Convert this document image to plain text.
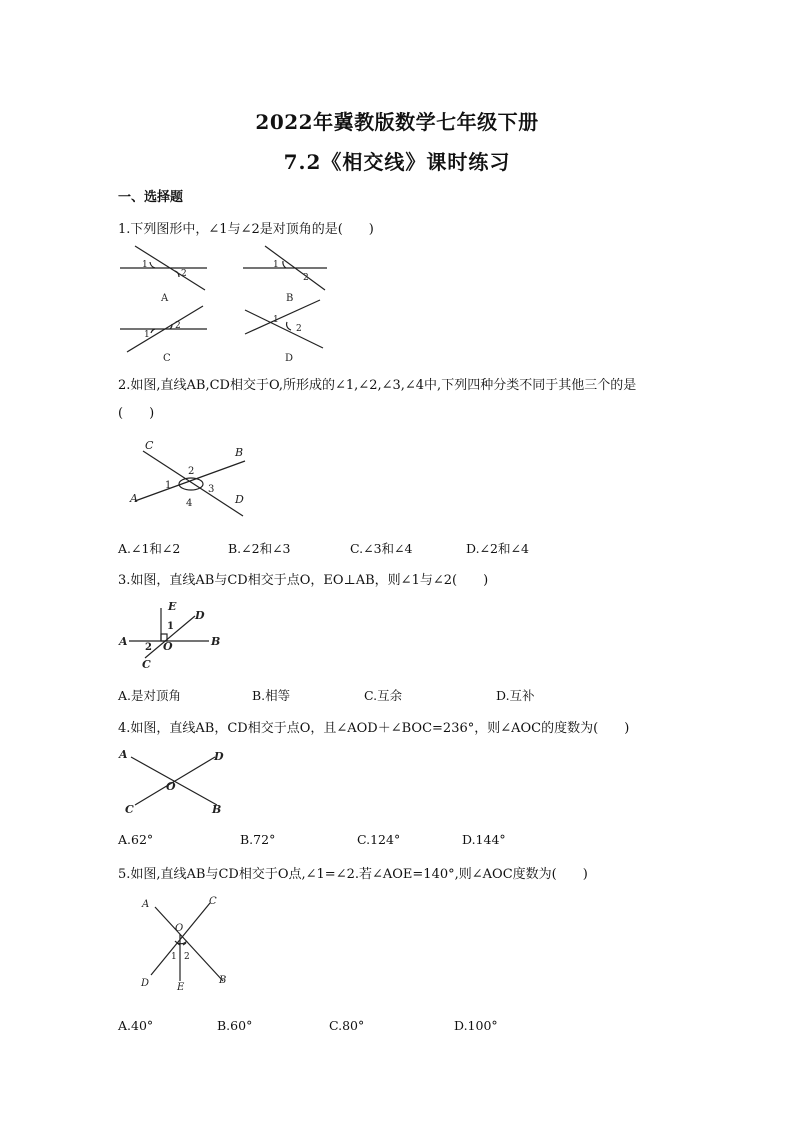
2022年冀教版数学七年级下册
7.2《相交线》课时练习
一、选择题
1.下列图形中，∠1与∠2是对顶角的是(　　)
1
2
1
2
1
2
1
2
A	B
C	D
2.如图,直线AB,CD相交于O,所形成的∠1,∠2,∠3,∠4中,下列四种分类不同于其他三个的是
(　　)
C
B
A	D
1
2
3
4
A.∠1和∠2	B.∠2和∠3	C.∠3和∠4	D.∠2和∠4
3.如图，直线AB与CD相交于点O，EO⊥AB，则∠1与∠2(　　)
E
D
A	B
O
C
1
2
A.是对顶角	B.相等	C.互余	D.互补
4.如图，直线AB，CD相交于点O，且∠AOD＋∠BOC=236°，则∠AOC的度数为(　　)
A	D
O
C	B
A.62°	B.72°	C.124°	D.144°
5.如图,直线AB与CD相交于O点,∠1=∠2.若∠AOE=140°,则∠AOC度数为(　　)
A	C
O
D	E
B
1 2
A.40°	B.60°	C.80°	D.100°
